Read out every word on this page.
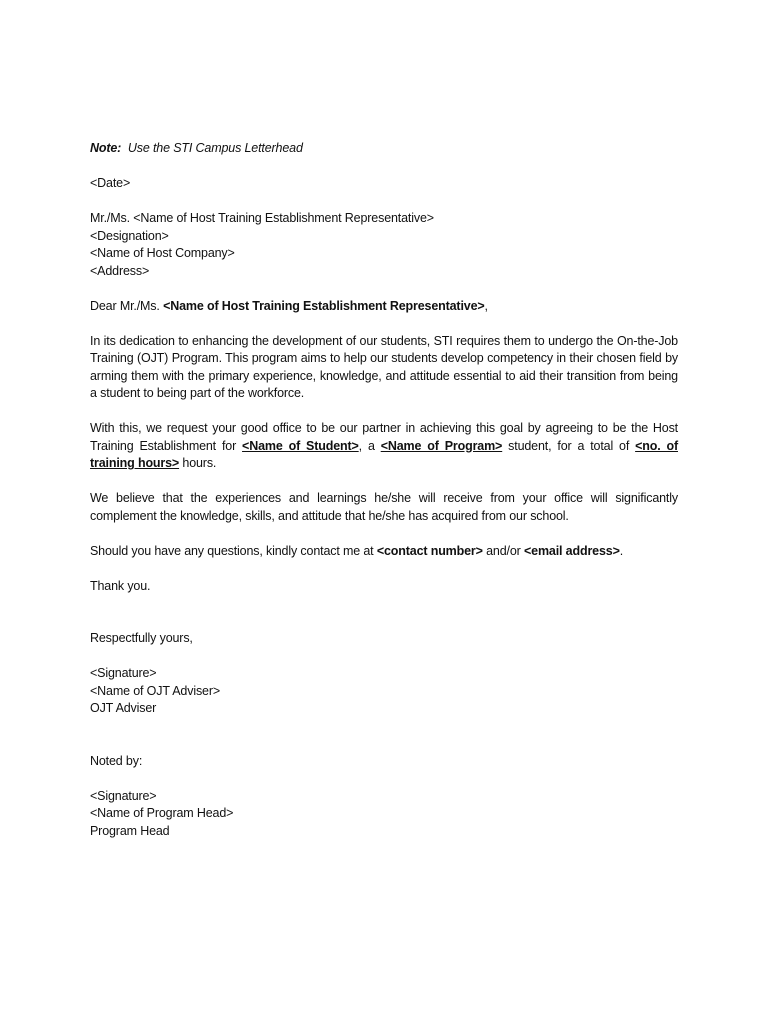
Note: Use the STI Campus Letterhead
<Date>
Mr./Ms. <Name of Host Training Establishment Representative>
<Designation>
<Name of Host Company>
<Address>
Dear Mr./Ms. <Name of Host Training Establishment Representative>,

In its dedication to enhancing the development of our students, STI requires them to undergo the On-the-Job Training (OJT) Program. This program aims to help our students develop competency in their chosen field by arming them with the primary experience, knowledge, and attitude essential to aid their transition from being a student to being part of the workforce.

With this, we request your good office to be our partner in achieving this goal by agreeing to be the Host Training Establishment for <Name of Student>, a <Name of Program> student, for a total of <no. of training hours> hours.

We believe that the experiences and learnings he/she will receive from your office will significantly complement the knowledge, skills, and attitude that he/she has acquired from our school.

Should you have any questions, kindly contact me at <contact number> and/or <email address>.
Thank you.
Respectfully yours,
<Signature>
<Name of OJT Adviser>
OJT Adviser
Noted by:
<Signature>
<Name of Program Head>
Program Head
